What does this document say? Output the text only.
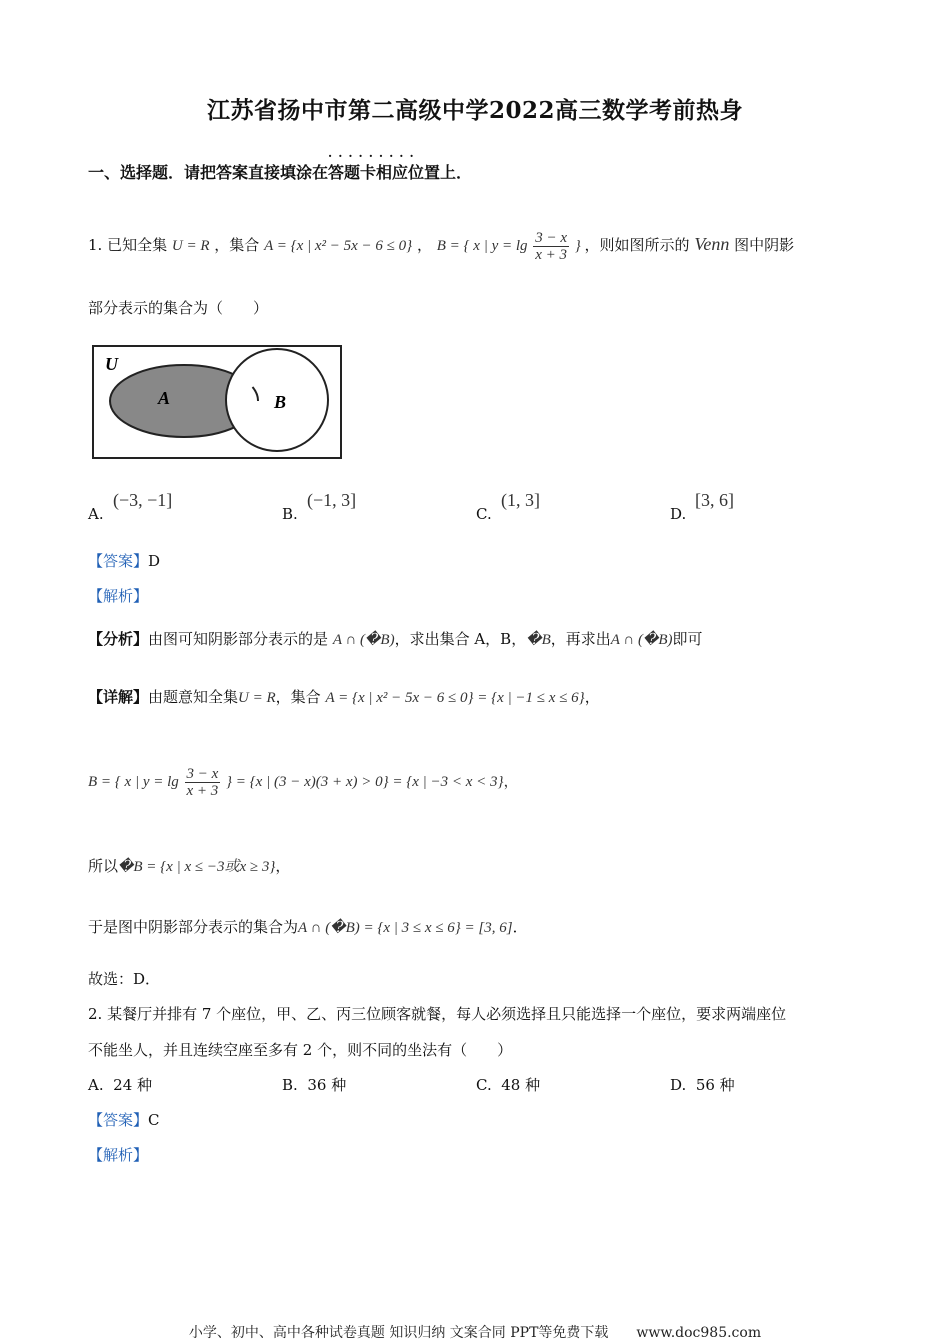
江苏省扬中市第二高级中学2022高三数学考前热身
一、选择题．请把答案直接填涂在
·········
答题卡相应位置上．
1. 已知全集 U = R ，集合 A = {x | x² − 5x − 6 ≤ 0} ， B = { x | $y = \lg \frac{3 - x}{x + 3}$ } ，则如图所示的 Venn 图中阴影
部分表示的集合为（　　）
U
A	B
A.
(−3, −1]
B.
(−1, 3]
C.
(1, 3]
D.
[3, 6]
【答案】D
【解析】
【分析】由图可知阴影部分表示的是 A ∩ (�B)，求出集合 A，B，�B，再求出A ∩ (�B)即可
【详解】由题意知全集U = R，集合 A = {x | x² − 5x − 6 ≤ 0} = {x | −1 ≤ x ≤ 6}，
B = { x | $y = \lg \frac{3 - x}{x + 3}$ } = {x | (3 − x)(3 + x) > 0} = {x | −3 < x < 3}，
所以�B = {x | x ≤ −3或x ≥ 3}，
于是图中阴影部分表示的集合为A ∩ (�B) = {x | 3 ≤ x ≤ 6} = [3, 6]．
故选：D．
2. 某餐厅并排有 7 个座位，甲、乙、丙三位顾客就餐，每人必须选择且只能选择一个座位，要求两端座位
不能坐人，并且连续空座至多有 2 个，则不同的坐法有（　　）
A. 24 种	B. 36 种	C. 48 种	D. 56 种
【答案】C
【解析】
小学、初中、高中各种试卷真题 知识归纳 文案合同 PPT等免费下载　　www.doc985.com
